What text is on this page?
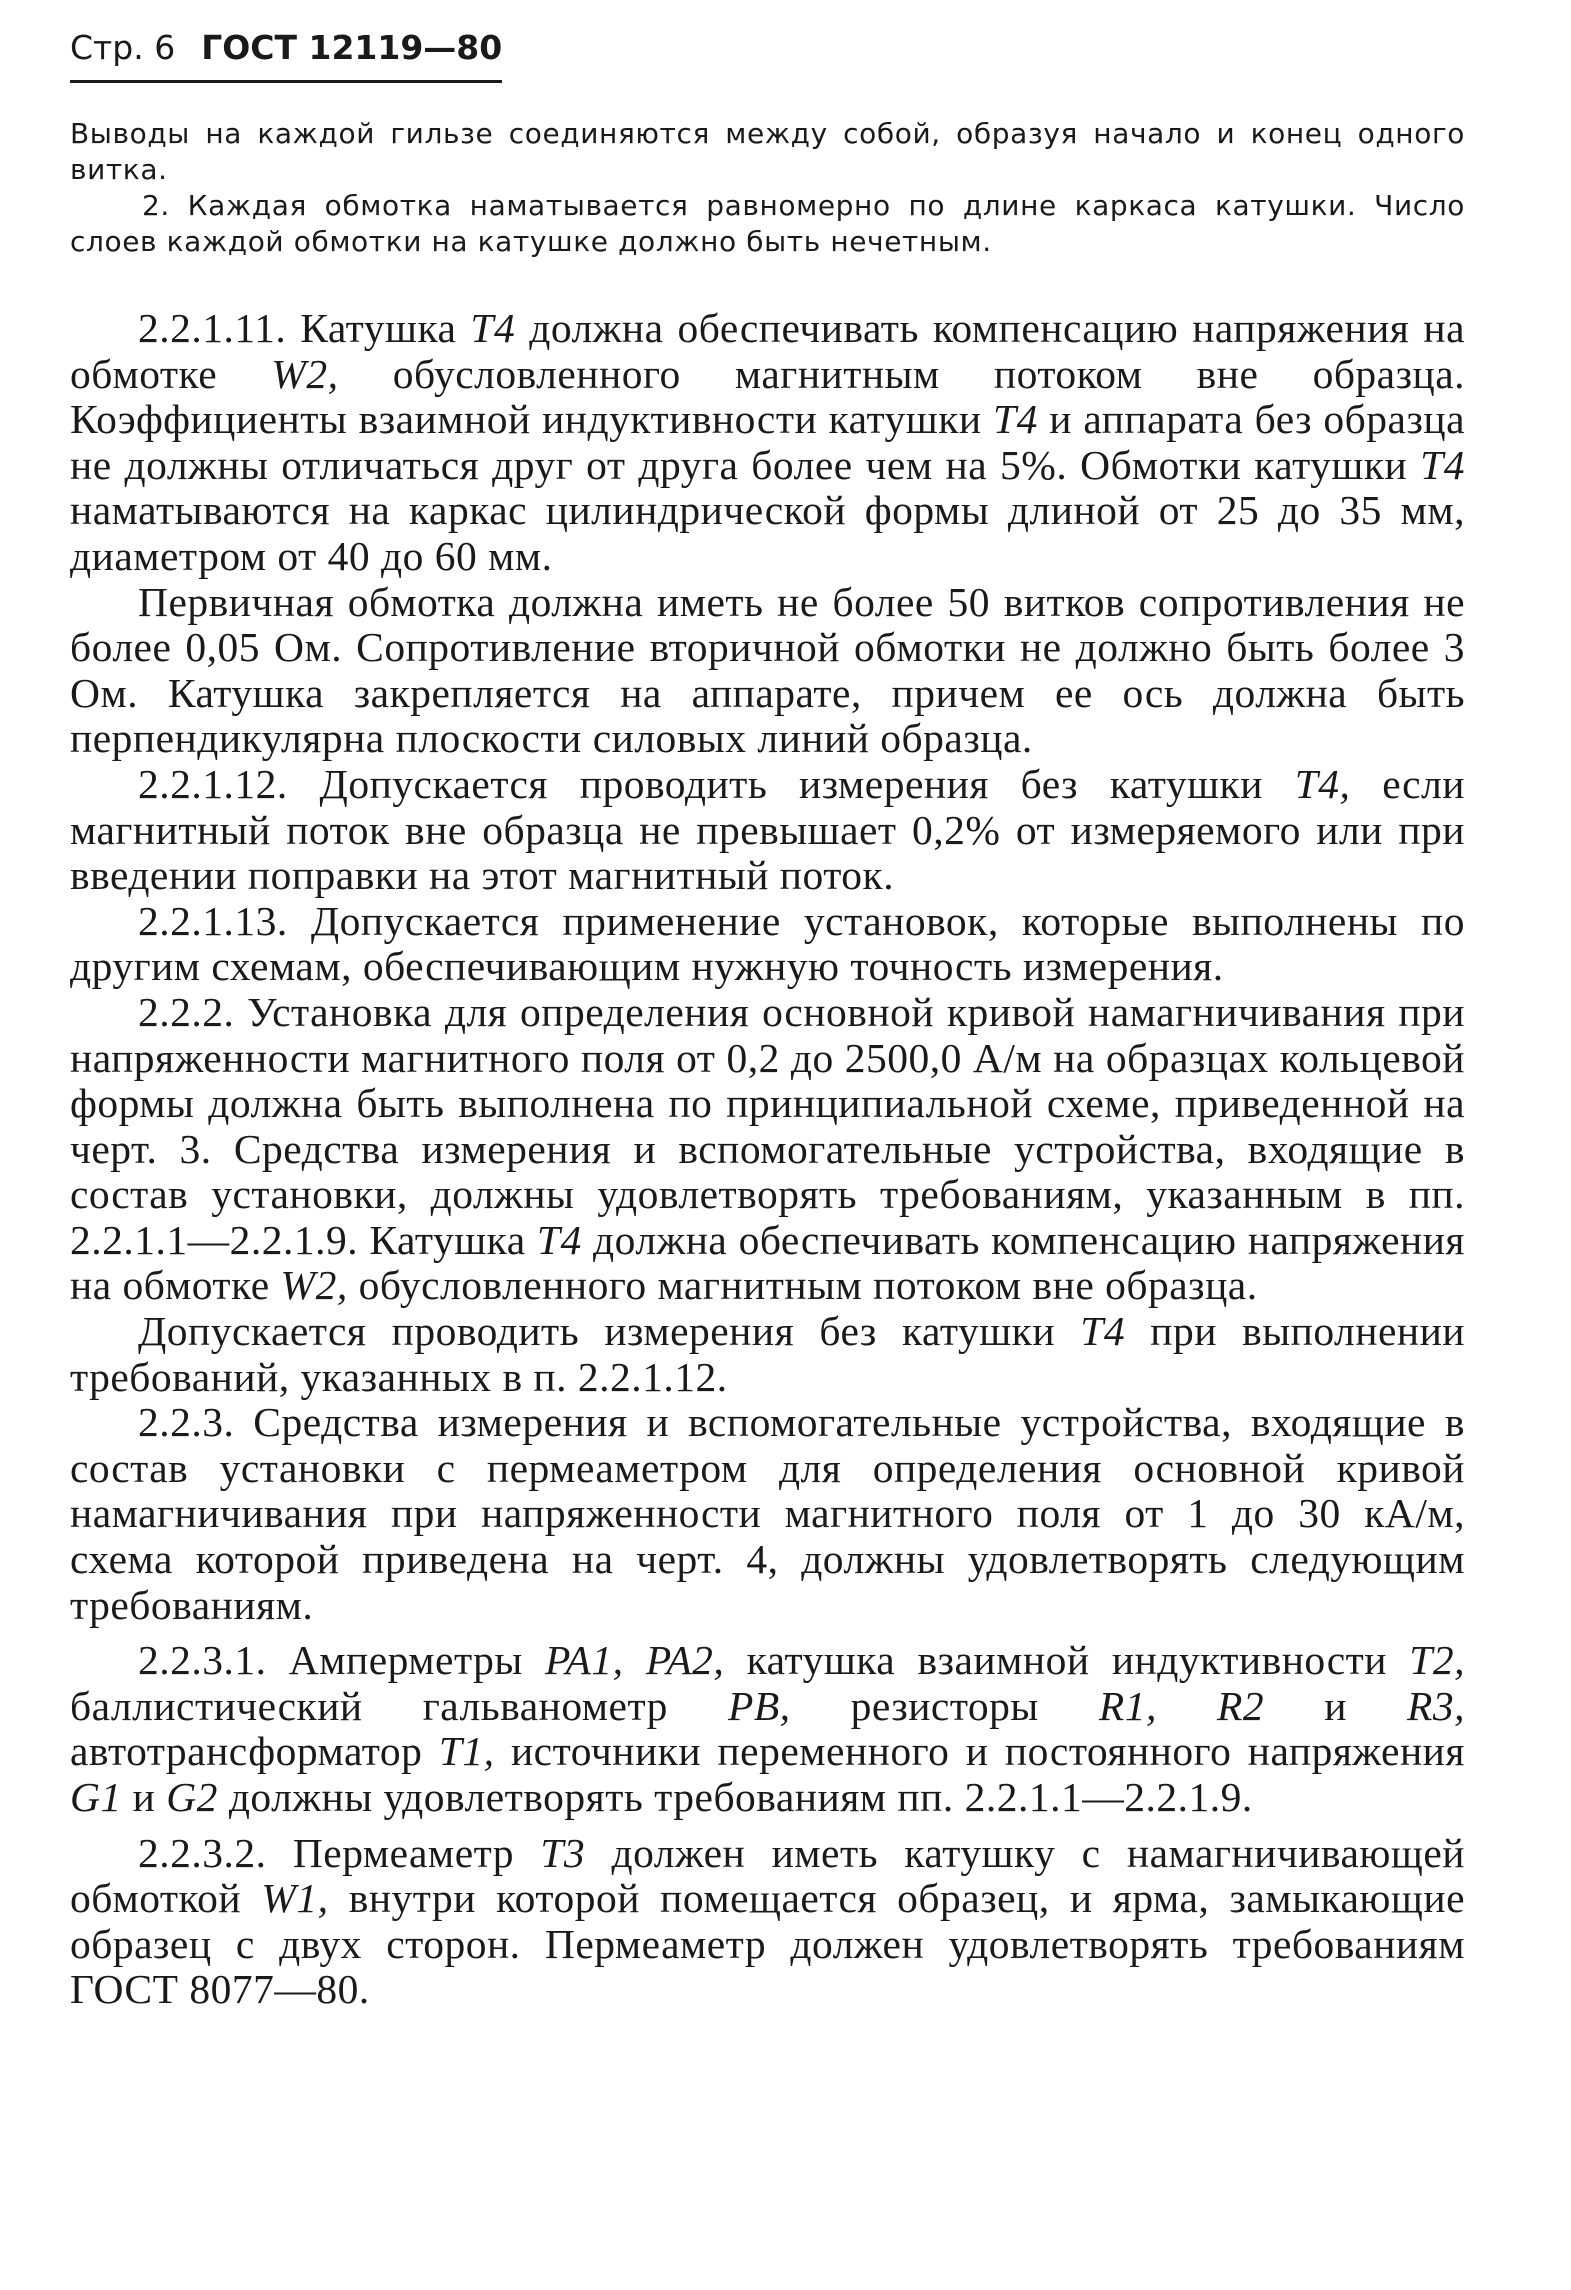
Стр. 6 ГОСТ 12119—80

Выводы на каждой гильзе соединяются между собой, образуя начало и конец одного витка.

2. Каждая обмотка наматывается равномерно по длине каркаса катушки. Число слоев каждой обмотки на катушке должно быть нечетным.

2.2.1.11. Катушка Т4 должна обеспечивать компенсацию напряжения на обмотке W2, обусловленного магнитным потоком вне образца. Коэффициенты взаимной индуктивности катушки Т4 и аппарата без образца не должны отличаться друг от друга более чем на 5%. Обмотки катушки Т4 наматываются на каркас цилиндрической формы длиной от 25 до 35 мм, диаметром от 40 до 60 мм.

Первичная обмотка должна иметь не более 50 витков сопротивления не более 0,05 Ом. Сопротивление вторичной обмотки не должно быть более 3 Ом. Катушка закрепляется на аппарате, причем ее ось должна быть перпендикулярна плоскости силовых линий образца.

2.2.1.12. Допускается проводить измерения без катушки Т4, если магнитный поток вне образца не превышает 0,2% от измеряемого или при введении поправки на этот магнитный поток.

2.2.1.13. Допускается применение установок, которые выполнены по другим схемам, обеспечивающим нужную точность измерения.

2.2.2. Установка для определения основной кривой намагничивания при напряженности магнитного поля от 0,2 до 2500,0 А/м на образцах кольцевой формы должна быть выполнена по принципиальной схеме, приведенной на черт. 3. Средства измерения и вспомогательные устройства, входящие в состав установки, должны удовлетворять требованиям, указанным в пп. 2.2.1.1—2.2.1.9. Катушка Т4 должна обеспечивать компенсацию напряжения на обмотке W2, обусловленного магнитным потоком вне образца.

Допускается проводить измерения без катушки Т4 при выполнении требований, указанных в п. 2.2.1.12.

2.2.3. Средства измерения и вспомогательные устройства, входящие в состав установки с пермеаметром для определения основной кривой намагничивания при напряженности магнитного поля от 1 до 30 кА/м, схема которой приведена на черт. 4, должны удовлетворять следующим требованиям.

2.2.3.1. Амперметры PA1, PA2, катушка взаимной индуктивности Т2, баллистический гальванометр PB, резисторы R1, R2 и R3, автотрансформатор Т1, источники переменного и постоянного напряжения G1 и G2 должны удовлетворять требованиям пп. 2.2.1.1—2.2.1.9.

2.2.3.2. Пермеаметр Т3 должен иметь катушку с намагничивающей обмоткой W1, внутри которой помещается образец, и ярма, замыкающие образец с двух сторон. Пермеаметр должен удовлетворять требованиям ГОСТ 8077—80.
